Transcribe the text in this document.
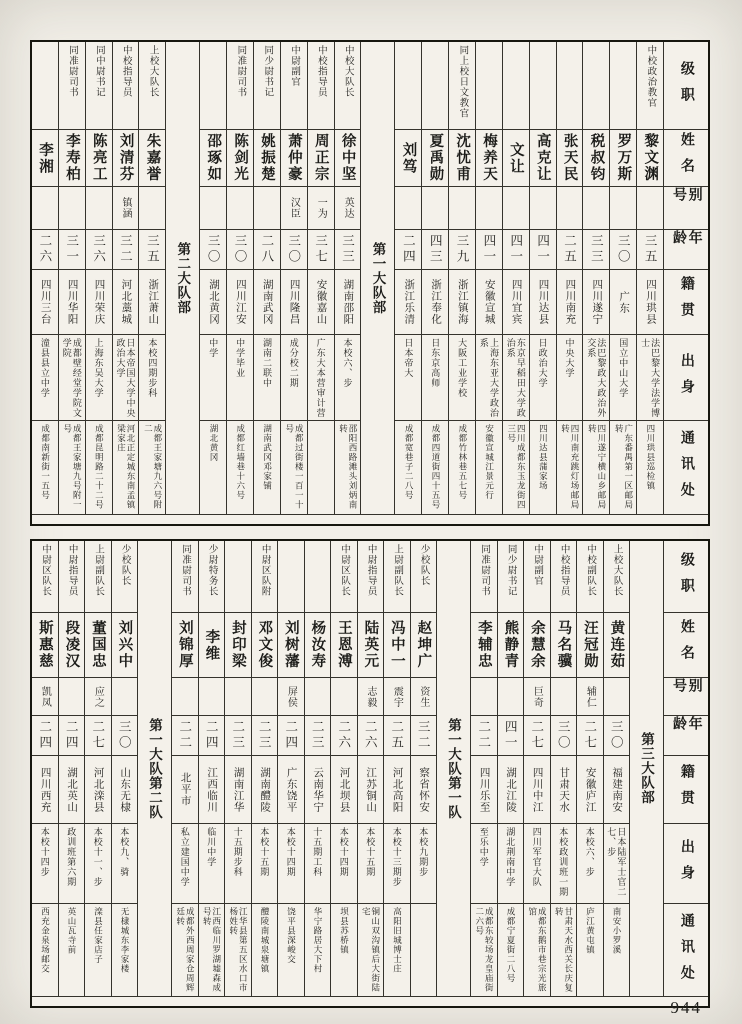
级职
姓名
别号
年龄
籍贯
出身
通讯处
中校政治教官
黎文渊
三五
四川珙县
法巴黎大学法学博士
四川珙县巡检镇
罗万斯
三〇
广东
国立中山大学
广东番禺第一区邮局转
税叔钧
三三
四川遂宁
法巴黎政大政治外交系
四川遂宁横山乡邮局转
张天民
二五
四川南充
中央大学
四川南充跳灯场邮局转
高克让
四一
四川达县
日政治大学
四川达县蒲家场
文让
四一
四川宜宾
东京早稻田大学政治系
四川成都东玉龙街四三号
梅养天
四一
安徽宣城
上海东亚大学政治系
安徽宣城江景元行
同上校日文教官
沈忧甫
三九
浙江镇海
大阪工业学校
成都竹林巷五七号
夏禹勋
四三
浙江奉化
日东京高师
成都四道街四十五号
刘笃
二四
浙江乐清
日本帝大
成都宽巷子二八号
第一大队部
中校大队长
徐中坚
英达
三三
湖南邵阳
本校六、步
邵阳西路滩头刘炳南转
中校指导员
周正宗
一为
三七
安徽嘉山
广东大本营审计营
中尉副官
萧仲豪
汉臣
三〇
四川隆昌
成分校二期
成都过街楼一百一十号
同少尉书记
姚振楚
二八
湖南武冈
湖南二联中
湖南武冈邓家铺
同准尉司书
陈剑光
三〇
四川江安
中学毕业
成都红墙巷十六号
邵琢如
三〇
湖北黄冈
中学
湖北黄冈
第二大队部
上校大队长
朱嘉誉
三五
浙江萧山
本校四期步科
成都王家塘九六号附二
中校指导员
刘清芬
镇涵
三二
河北藁城
日本帝国大学中央政治大学
河北正定城东南孟镇梁家庄
同中尉书记
陈亮工
三六
四川荣庆
上海东吴大学
成都昆明路二十二号
同准尉司书
李寿柏
三一
四川华阳
成都壁经堂学院文学院
成都王家塘九号附一号
李湘
二六
四川三台
潼县县立中学
成都南新街一五号
级职
姓名
别号
年龄
籍贯
出身
通讯处
第三大队部
上校大队长
黄连茹
三〇
福建南安
日本陆军士官二七、步
南安小罗溪
中校副队长
汪冠勋
辅仁
二七
安徽庐江
本校六、步
庐江黄屯镇
中校指导员
马名骥
三〇
甘肃天水
本校政训班一期
甘肃天水西关长庆复转
中尉副官
余慧余
巨奇
二七
四川中江
四川军官大队
成都东鹅市巷宗光旅馆
同少尉书记
熊静青
四一
湖北江陵
湖北荆南中学
成都宁夏街二八号
同准尉司书
李辅忠
二二
四川乐至
至乐中学
成都东较场龙皇庙街二六号
第一大队第一队
少校队长
赵坤广
资生
三二
察省怀安
本校九期步
上尉副队长
冯中一
震宇
二五
河北高阳
本校十三期步
高阳旧城博士庄
中尉指导员
陆英元
志毅
二六
江苏铜山
本校十五期
铜山双沟镇后大街陆宅
中尉区队长
王恩溥
二六
河北坝县
本校十四期
坝县苏桥镇
杨汝寿
二三
云南华宁
十五期工科
华宁路居大下村
刘树藩
屏侯
二四
广东饶平
本校十四期
饶平县深峻交
中尉区队附
邓文俊
二三
湖南醴陵
本校十五期
醴陵南城泉塘镇
封印梁
二三
湖南江华
十五期步科
江华县第五区水口市杨姓转
少尉特务长
李维
二四
江西临川
临川中学
江西临川罗湖墟森成号转
同准尉司书
刘锦厚
二二
北平市
私立建国中学
成都外西周家仓周辉廷转
第一大队第二队
少校队长
刘兴中
三〇
山东无棣
本校九、骑
无棣城东李家楼
上尉副队长
董国忠
应之
二七
河北滦县
本校十一、步
滦县任家店子
中尉指导员
段凌汉
二四
湖北英山
政训班第六期
英山瓦寺前
中尉区队长
斯惠慈
凯凤
二四
四川西充
本校十四步
西充金泉场邮交
944
